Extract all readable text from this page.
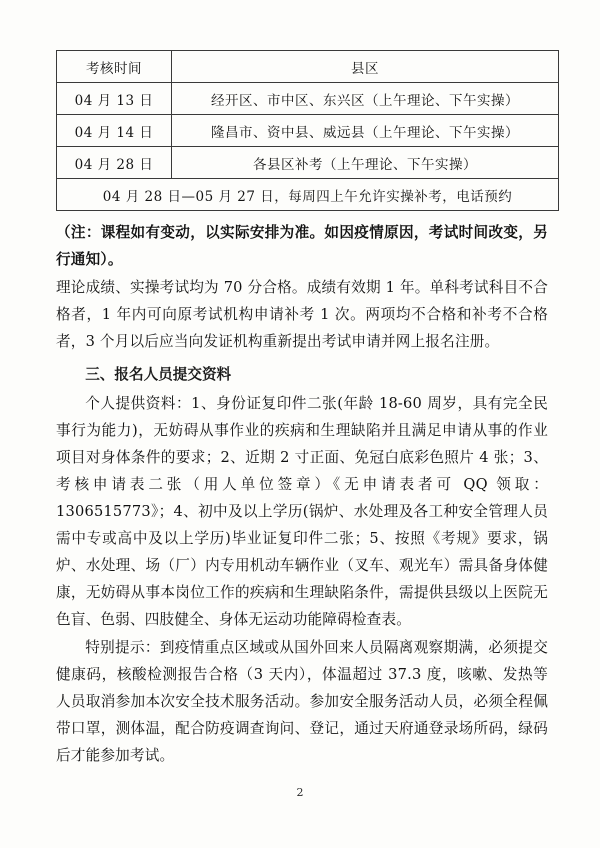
考核时间	县区
04 月 13 日	经开区、市中区、东兴区（上午理论、下午实操）
04 月 14 日	隆昌市、资中县、威远县（上午理论、下午实操）
04 月 28 日	各县区补考（上午理论、下午实操）
04 月 28 日—05 月 27 日，每周四上午允许实操补考，电话预约	

（注：课程如有变动，以实际安排为准。如因疫情原因，考试时间改变，另行通知）。

理论成绩、实操考试均为 70 分合格。成绩有效期 1 年。单科考试科目不合格者，1 年内可向原考试机构申请补考 1 次。两项均不合格和补考不合格者，3 个月以后应当向发证机构重新提出考试申请并网上报名注册。

三、报名人员提交资料

个人提供资料：1、身份证复印件二张(年龄 18-60 周岁，具有完全民事行为能力)，无妨碍从事作业的疾病和生理缺陷并且满足申请从事的作业项目对身体条件的要求；2、近期 2 寸正面、免冠白底彩色照片 4 张；3、考核申请表二张（用人单位签章）《无申请表者可 QQ 领取：1306515773》；4、初中及以上学历(锅炉、水处理及各工种安全管理人员需中专或高中及以上学历)毕业证复印件二张；5、按照《考规》要求，锅炉、水处理、场（厂）内专用机动车辆作业（叉车、观光车）需具备身体健康，无妨碍从事本岗位工作的疾病和生理缺陷条件，需提供县级以上医院无色盲、色弱、四肢健全、身体无运动功能障碍检查表。

特别提示：到疫情重点区域或从国外回来人员隔离观察期满，必须提交健康码，核酸检测报告合格（3 天内），体温超过 37.3 度，咳嗽、发热等人员取消参加本次安全技术服务活动。参加安全服务活动人员，必须全程佩带口罩，测体温，配合防疫调查询问、登记，通过天府通登录场所码，绿码后才能参加考试。

2
